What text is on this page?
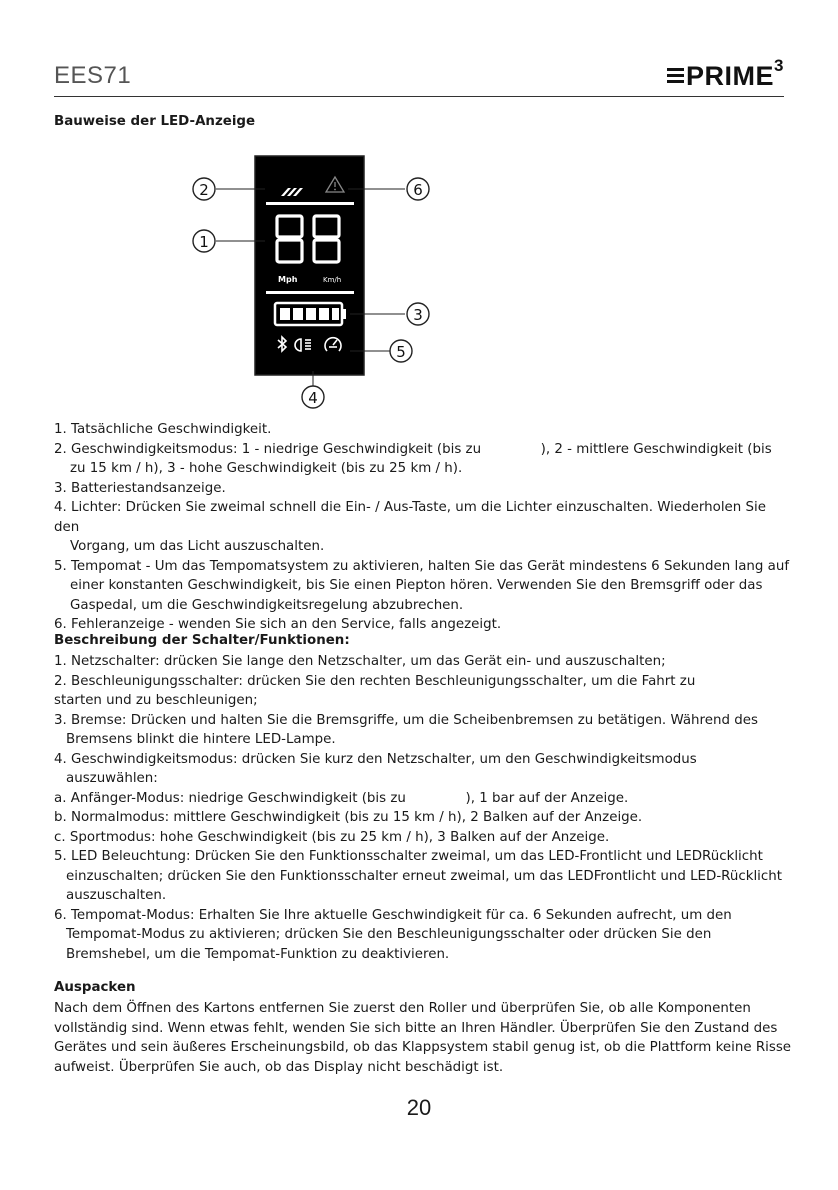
EES71	PRIME$^3$
Bauweise der LED-Anzeige
Mph	Km/h
1
2
3
4
5
6

1. Tatsächliche Geschwindigkeit.

2. Geschwindigkeitsmodus: 1 - niedrige Geschwindigkeit (bis zu              ), 2 - mittlere Geschwindigkeit (bis

zu 15 km / h), 3 - hohe Geschwindigkeit (bis zu 25 km / h).

3. Batteriestandsanzeige.

4. Lichter: Drücken Sie zweimal schnell die Ein- / Aus-Taste, um die Lichter einzuschalten. Wiederholen Sie den

Vorgang, um das Licht auszuschalten.

5. Tempomat - Um das Tempomatsystem zu aktivieren, halten Sie das Gerät mindestens 6 Sekunden lang auf

einer konstanten Geschwindigkeit, bis Sie einen Piepton hören. Verwenden Sie den Bremsgriff oder das

Gaspedal, um die Geschwindigkeitsregelung abzubrechen.

6. Fehleranzeige - wenden Sie sich an den Service, falls angezeigt.

Beschreibung der Schalter/Funktionen:

1. Netzschalter: drücken Sie lange den Netzschalter, um das Gerät ein- und auszuschalten;

2. Beschleunigungsschalter: drücken Sie den rechten Beschleunigungsschalter, um die Fahrt zu

starten und zu beschleunigen;

3. Bremse: Drücken und halten Sie die Bremsgriffe, um die Scheibenbremsen zu betätigen. Während des

Bremsens blinkt die hintere LED-Lampe.

4. Geschwindigkeitsmodus: drücken Sie kurz den Netzschalter, um den Geschwindigkeitsmodus

auszuwählen:

a. Anfänger-Modus: niedrige Geschwindigkeit (bis zu              ), 1 bar auf der Anzeige.

b. Normalmodus: mittlere Geschwindigkeit (bis zu 15 km / h), 2 Balken auf der Anzeige.

c. Sportmodus: hohe Geschwindigkeit (bis zu 25 km / h), 3 Balken auf der Anzeige.

5. LED Beleuchtung: Drücken Sie den Funktionsschalter zweimal, um das LED-Frontlicht und LEDRücklicht

einzuschalten; drücken Sie den Funktionsschalter erneut zweimal, um das LEDFrontlicht und LED-Rücklicht

auszuschalten.

6. Tempomat-Modus: Erhalten Sie Ihre aktuelle Geschwindigkeit für ca. 6 Sekunden aufrecht, um den

Tempomat-Modus zu aktivieren; drücken Sie den Beschleunigungsschalter oder drücken Sie den

Bremshebel, um die Tempomat-Funktion zu deaktivieren.

Auspacken

Nach dem Öffnen des Kartons entfernen Sie zuerst den Roller und überprüfen Sie, ob alle Komponenten

vollständig sind. Wenn etwas fehlt, wenden Sie sich bitte an Ihren Händler. Überprüfen Sie den Zustand des

Gerätes und sein äußeres Erscheinungsbild, ob das Klappsystem stabil genug ist, ob die Plattform keine Risse

aufweist. Überprüfen Sie auch, ob das Display nicht beschädigt ist.

20
